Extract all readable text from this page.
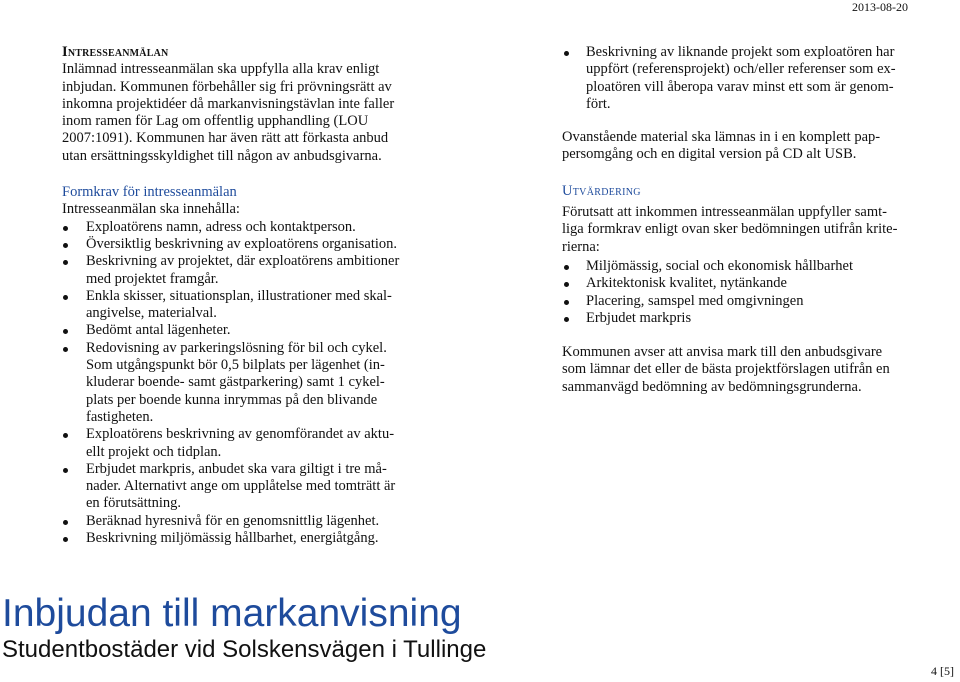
2013-08-20
Intresseanmälan
Inlämnad intresseanmälan ska uppfylla alla krav enligt
inbjudan. Kommunen förbehåller sig fri prövningsrätt av
inkomna projektidéer då markanvisningstävlan inte faller
inom ramen för Lag om offentlig upphandling (LOU
2007:1091). Kommunen har även rätt att förkasta anbud
utan ersättningsskyldighet till någon av anbudsgivarna.
Formkrav för intresseanmälan
Intresseanmälan ska innehålla:
Exploatörens namn, adress och kontaktperson.
Översiktlig beskrivning av exploatörens organisation.
Beskrivning av projektet, där exploatörens ambitioner
med projektet framgår.
Enkla skisser, situationsplan, illustrationer med skal-
angivelse, materialval.
Bedömt antal lägenheter.
Redovisning av parkeringslösning för bil och cykel.
Som utgångspunkt bör 0,5 bilplats per lägenhet (in-
kluderar boende- samt gästparkering) samt 1 cykel-
plats per boende kunna inrymmas på den blivande
fastigheten.
Exploatörens beskrivning av genomförandet av aktu-
ellt projekt och tidplan.
Erbjudet markpris, anbudet ska vara giltigt i tre må-
nader. Alternativt ange om upplåtelse med tomträtt är
en förutsättning.
Beräknad hyresnivå för en genomsnittlig lägenhet.
Beskrivning miljömässig hållbarhet, energiåtgång.
Beskrivning av liknande projekt som exploatören har
uppfört (referensprojekt) och/eller referenser som ex-
ploatören vill åberopa varav minst ett som är genom-
fört.
Ovanstående material ska lämnas in i en komplett pap-
persomgång och en digital version på CD alt USB.
Utvärdering
Förutsatt att inkommen intresseanmälan uppfyller samt-
liga formkrav enligt ovan sker bedömningen utifrån krite-
rierna:
Miljömässig, social och ekonomisk hållbarhet
Arkitektonisk kvalitet, nytänkande
Placering, samspel med omgivningen
Erbjudet markpris
Kommunen avser att anvisa mark till den anbudsgivare
som lämnar det eller de bästa projektförslagen utifrån en
sammanvägd bedömning av bedömningsgrunderna.
Inbjudan till markanvisning
Studentbostäder vid Solskensvägen i Tullinge
4 [5]
